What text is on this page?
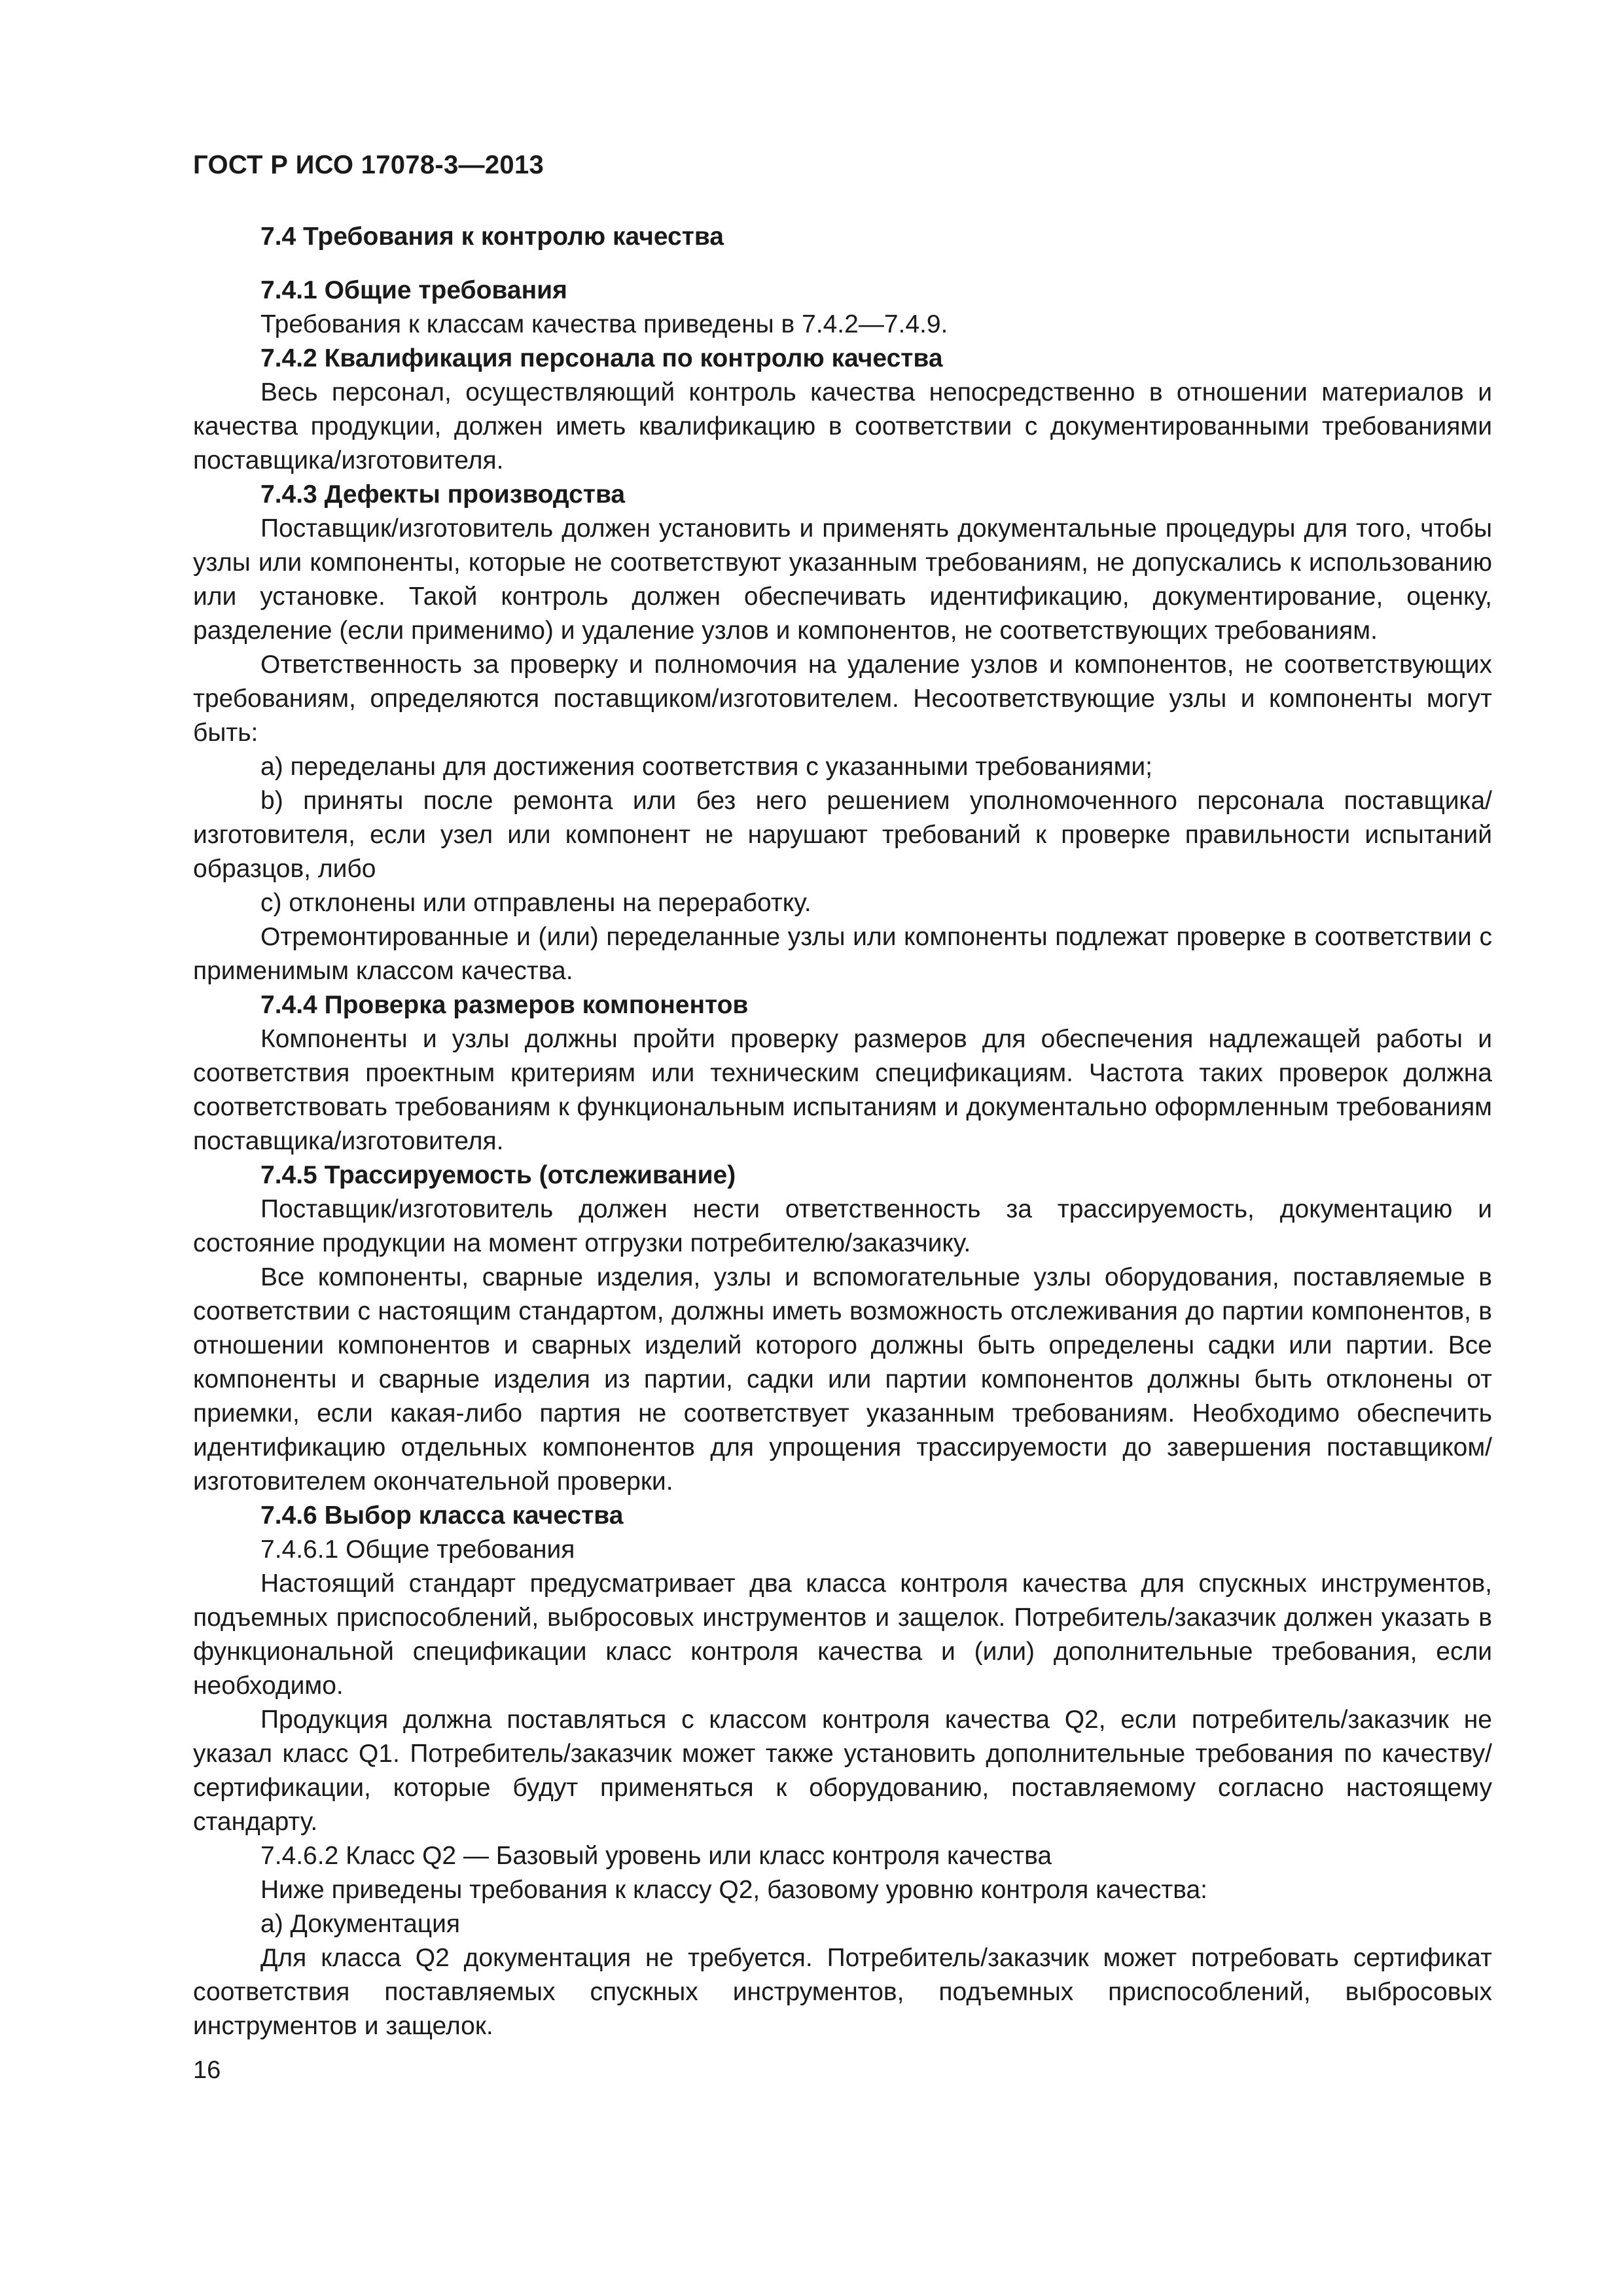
ГОСТ Р ИСО 17078-3—2013
7.4 Требования к контролю качества
7.4.1 Общие требования

Требования к классам качества приведены в 7.4.2—7.4.9.

7.4.2 Квалификация персонала по контролю качества

Весь персонал, осуществляющий контроль качества непосредственно в отношении материалов и качества продукции, должен иметь квалификацию в соответствии с документированными требованиями поставщика/изготовителя.

7.4.3 Дефекты производства

Поставщик/изготовитель должен установить и применять документальные процедуры для того, чтобы узлы или компоненты, которые не соответствуют указанным требованиям, не допускались к использованию или установке. Такой контроль должен обеспечивать идентификацию, документирование, оценку, разделение (если применимо) и удаление узлов и компонентов, не соответствующих требованиям.

Ответственность за проверку и полномочия на удаление узлов и компонентов, не соответствующих требованиям, определяются поставщиком/изготовителем. Несоответствующие узлы и компоненты могут быть:

а) переделаны для достижения соответствия с указанными требованиями;

b) приняты после ремонта или без него решением уполномоченного персонала поставщика/изготовителя, если узел или компонент не нарушают требований к проверке правильности испытаний образцов, либо

с) отклонены или отправлены на переработку.

Отремонтированные и (или) переделанные узлы или компоненты подлежат проверке в соответствии с применимым классом качества.

7.4.4 Проверка размеров компонентов

Компоненты и узлы должны пройти проверку размеров для обеспечения надлежащей работы и соответствия проектным критериям или техническим спецификациям. Частота таких проверок должна соответствовать требованиям к функциональным испытаниям и документально оформленным требованиям поставщика/изготовителя.

7.4.5 Трассируемость (отслеживание)

Поставщик/изготовитель должен нести ответственность за трассируемость, документацию и состояние продукции на момент отгрузки потребителю/заказчику.

Все компоненты, сварные изделия, узлы и вспомогательные узлы оборудования, поставляемые в соответствии с настоящим стандартом, должны иметь возможность отслеживания до партии компонентов, в отношении компонентов и сварных изделий которого должны быть определены садки или партии. Все компоненты и сварные изделия из партии, садки или партии компонентов должны быть отклонены от приемки, если какая-либо партия не соответствует указанным требованиям. Необходимо обеспечить идентификацию отдельных компонентов для упрощения трассируемости до завершения поставщиком/изготовителем окончательной проверки.

7.4.6 Выбор класса качества
7.4.6.1 Общие требования

Настоящий стандарт предусматривает два класса контроля качества для спускных инструментов, подъемных приспособлений, выбросовых инструментов и защелок. Потребитель/заказчик должен указать в функциональной спецификации класс контроля качества и (или) дополнительные требования, если необходимо.

Продукция должна поставляться с классом контроля качества Q2, если потребитель/заказчик не указал класс Q1. Потребитель/заказчик может также установить дополнительные требования по качеству/сертификации, которые будут применяться к оборудованию, поставляемому согласно настоящему стандарту.

7.4.6.2 Класс Q2 — Базовый уровень или класс контроля качества

Ниже приведены требования к классу Q2, базовому уровню контроля качества:

а) Документация

Для класса Q2 документация не требуется. Потребитель/заказчик может потребовать сертификат соответствия поставляемых спускных инструментов, подъемных приспособлений, выбросовых инструментов и защелок.

16
